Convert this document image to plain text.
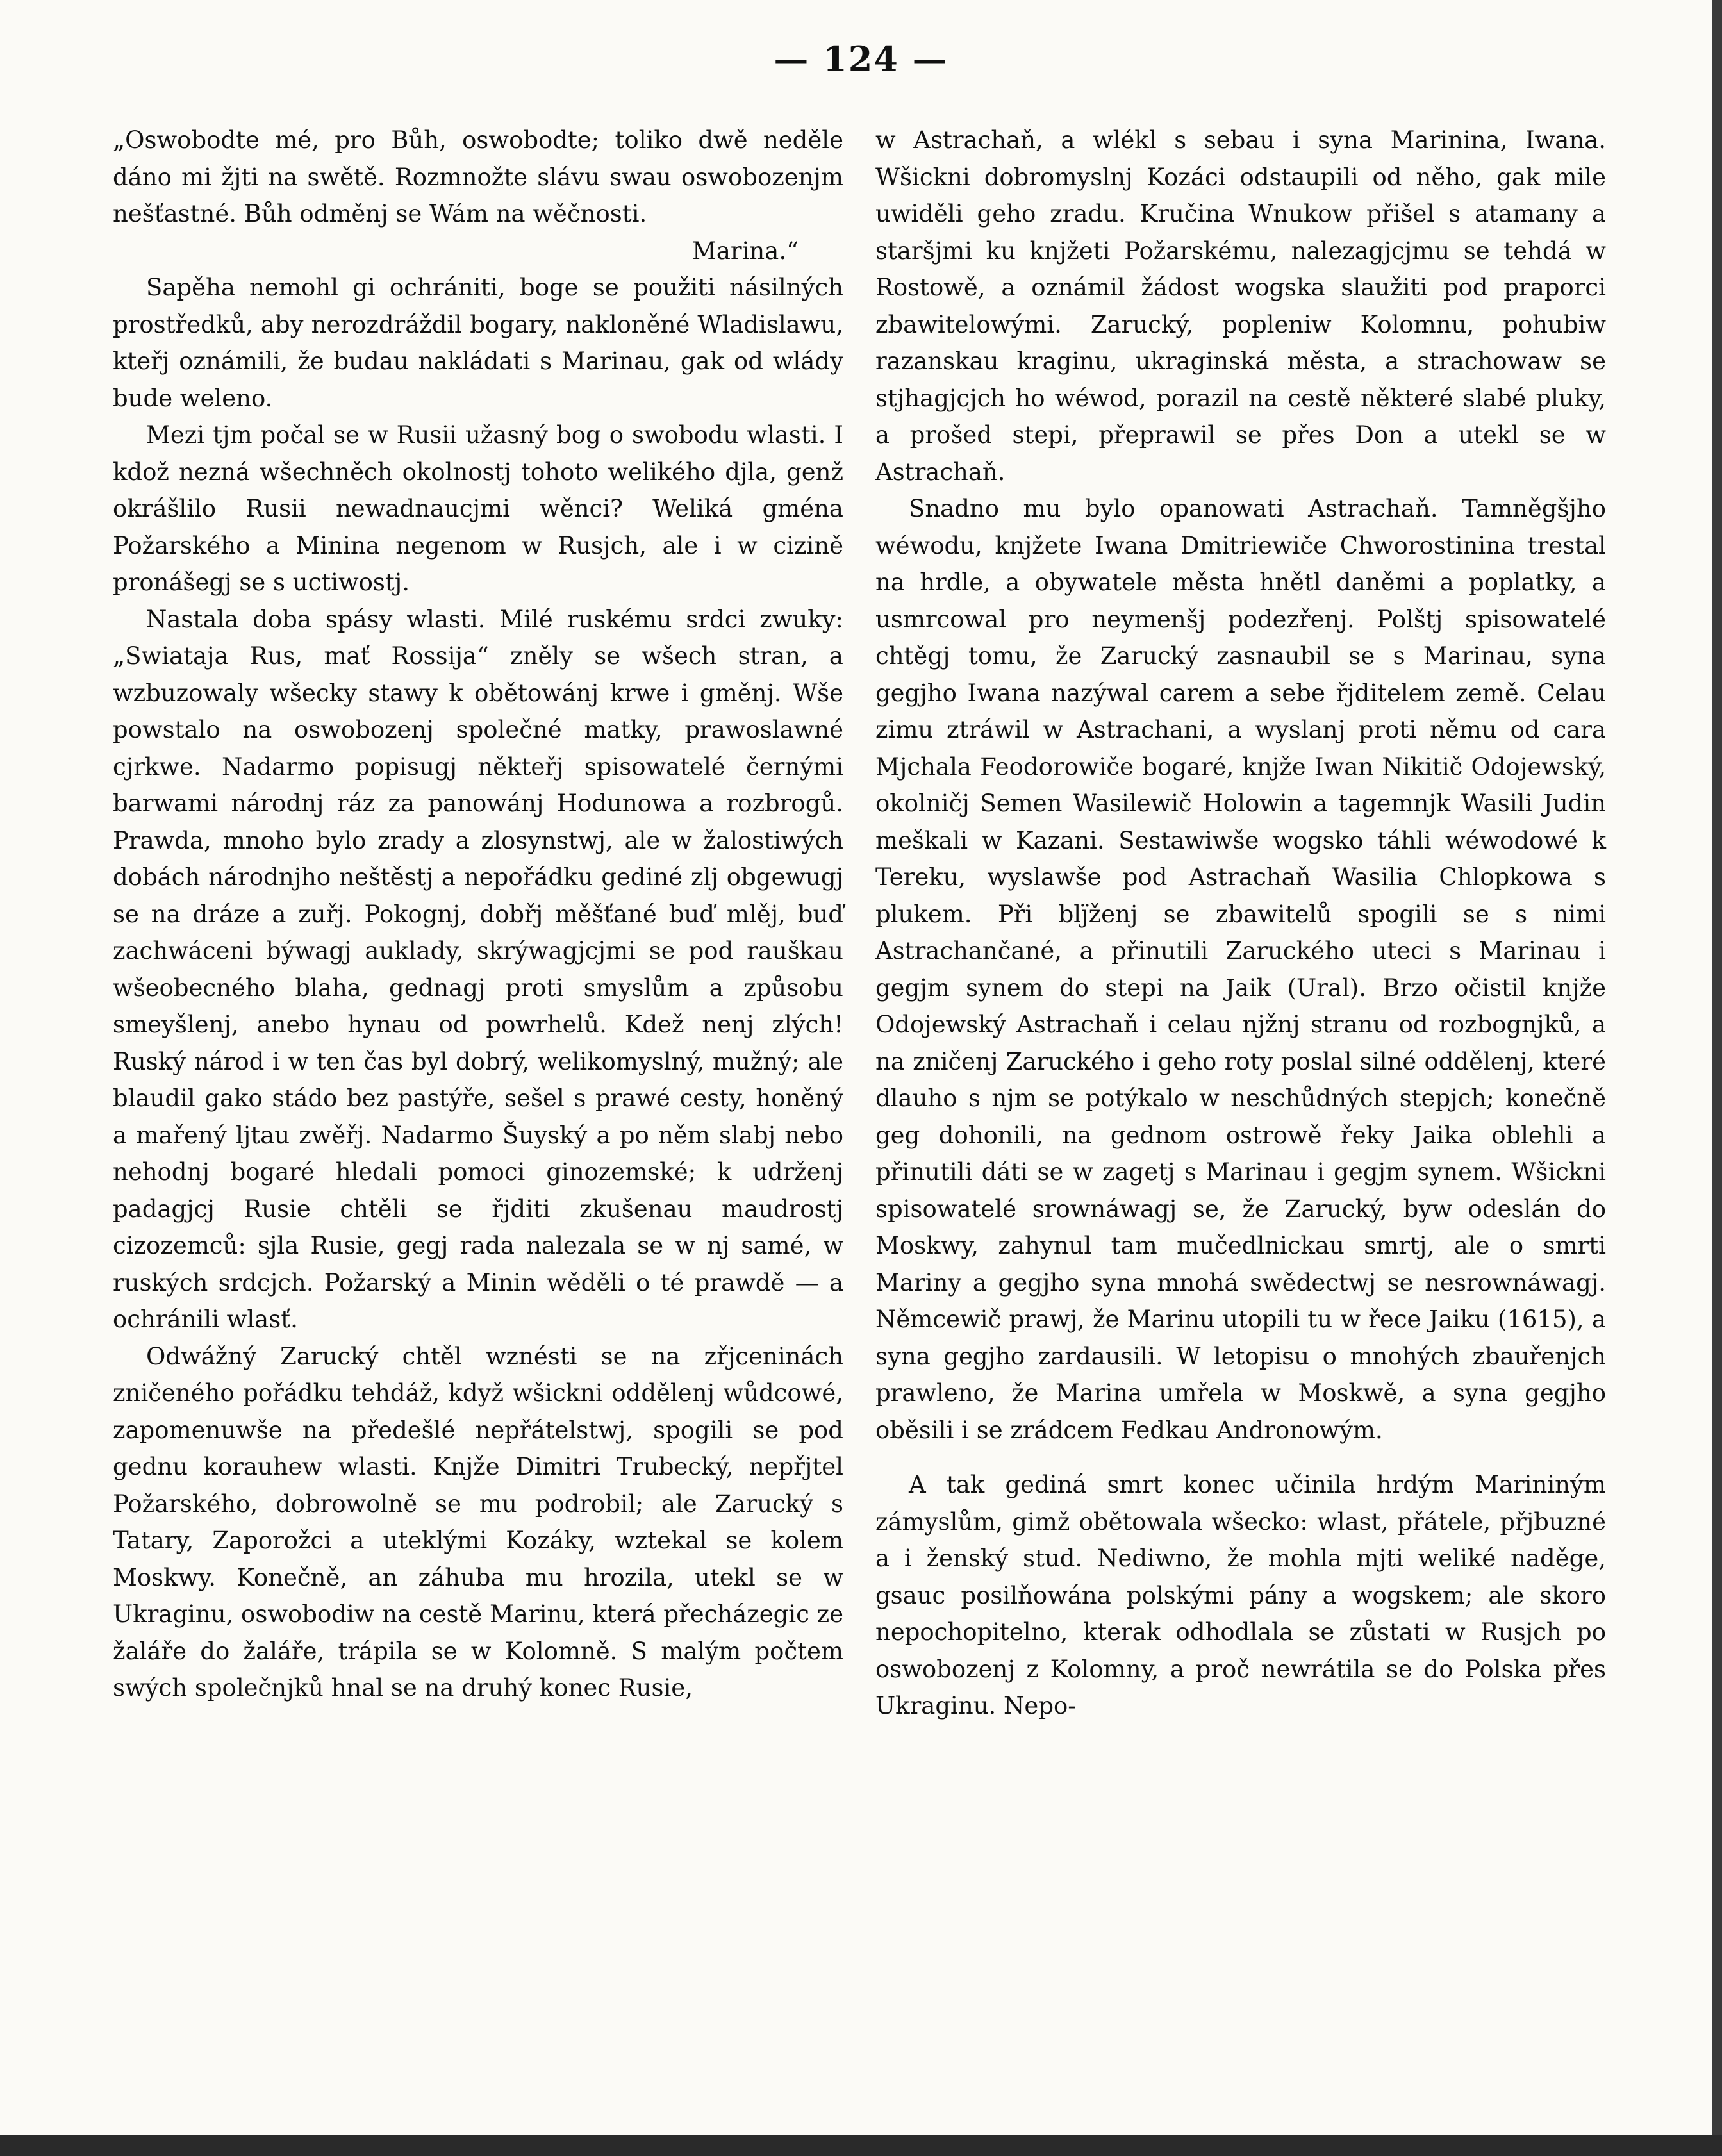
— 124 —

„Oswobodte mé, pro Bůh, oswobodte; toliko dwě neděle dáno mi žjti na swětě. Rozmnožte slávu swau oswobozenjm nešťastné. Bůh odměnj se Wám na wěčnosti.

Marina.“

Sapěha nemohl gi ochrániti, boge se použiti násilných prostředků, aby nerozdráždil bogary, nakloněné Wladislawu, kteřj oznámili, že budau nakládati s Marinau, gak od wlády bude weleno.

Mezi tjm počal se w Rusii užasný bog o swobodu wlasti. I kdož nezná wšechněch okolnostj tohoto welikého djla, genž okrášlilo Rusii newadnaucjmi wěnci? Weliká gména Požarského a Minina negenom w Rusjch, ale i w cizině pronášegj se s uctiwostj.

Nastala doba spásy wlasti. Milé ruskému srdci zwuky: „Swiataja Rus, mať Rossija“ zněly se wšech stran, a wzbuzowaly wšecky stawy k obětowánj krwe i gměnj. Wše powstalo na oswobozenj společné matky, prawoslawné cjrkwe. Nadarmo popisugj někteřj spisowatelé černými barwami národnj ráz za panowánj Hodunowa a rozbrogů. Prawda, mnoho bylo zrady a zlosynstwj, ale w žalostiwých dobách národnjho neštěstj a nepořádku gediné zlj obgewugj se na dráze a zuřj. Pokognj, dobřj měšťané buď mlěj, buď zachwáceni býwagj auklady, skrýwagjcjmi se pod rauškau wšeobecného blaha, gednagj proti smyslům a způsobu smeyšlenj, anebo hynau od powrhelů. Kdež nenj zlých! Ruský národ i w ten čas byl dobrý, welikomyslný, mužný; ale blaudil gako stádo bez pastýře, sešel s prawé cesty, honěný a mařený ljtau zwěřj. Nadarmo Šuyský a po něm slabj nebo nehodnj bogaré hledali pomoci ginozemské; k udrženj padagjcj Rusie chtěli se řjditi zkušenau maudrostj cizozemců: sjla Rusie, gegj rada nalezala se w nj samé, w ruských srdcjch. Požarský a Minin wěděli o té prawdě — a ochránili wlasť.

Odwážný Zarucký chtěl wznésti se na zřjceninách zničeného pořádku tehdáž, když wšickni oddělenj wůdcowé, zapomenuwše na předešlé nepřátelstwj, spogili se pod gednu korauhew wlasti. Knjže Dimitri Trubecký, nepřjtel Požarského, dobrowolně se mu podrobil; ale Zarucký s Tatary, Zaporožci a uteklými Kozáky, wztekal se kolem Moskwy. Konečně, an záhuba mu hrozila, utekl se w Ukraginu, oswobodiw na cestě Marinu, která přecházegic ze žaláře do žaláře, trápila se w Kolomně. S malým počtem swých společnjků hnal se na druhý konec Rusie,

w Astrachaň, a wlékl s sebau i syna Marinina, Iwana. Wšickni dobromyslnj Kozáci odstaupili od něho, gak mile uwiděli geho zradu. Kručina Wnukow přišel s atamany a staršjmi ku knjžeti Požarskému, nalezagjcjmu se tehdá w Rostowě, a oznámil žádost wogska slaužiti pod praporci zbawitelowými. Zarucký, popleniw Kolomnu, pohubiw razanskau kraginu, ukraginská města, a strachowaw se stjhagjcjch ho wéwod, porazil na cestě některé slabé pluky, a prošed stepi, přeprawil se přes Don a utekl se w Astrachaň.

Snadno mu bylo opanowati Astrachaň. Tamněgšjho wéwodu, knjžete Iwana Dmitriewiče Chworostinina trestal na hrdle, a obywatele města hnětl daněmi a poplatky, a usmrcowal pro neymenšj podezřenj. Polštj spisowatelé chtěgj tomu, že Zarucký zasnaubil se s Marinau, syna gegjho Iwana nazýwal carem a sebe řjditelem země. Celau zimu ztráwil w Astrachani, a wyslanj proti němu od cara Mjchala Feodorowiče bogaré, knjže Iwan Nikitič Odojewský, okolničj Semen Wasilewič Holowin a tagemnjk Wasili Judin meškali w Kazani. Sestawiwše wogsko táhli wéwodowé k Tereku, wyslawše pod Astrachaň Wasilia Chlopkowa s plukem. Při blj̈ženj se zbawitelů spogili se s nimi Astrachančané, a přinutili Zaruckého uteci s Marinau i gegjm synem do stepi na Jaik (Ural). Brzo očistil knjže Odojewský Astrachaň i celau njžnj stranu od rozbognjků, a na zničenj Zaruckého i geho roty poslal silné oddělenj, které dlauho s njm se potýkalo w neschůdných stepjch; konečně geg dohonili, na gednom ostrowě řeky Jaika oblehli a přinutili dáti se w zagetj s Marinau i gegjm synem. Wšickni spisowatelé srownáwagj se, že Zarucký, byw odeslán do Moskwy, zahynul tam mučedlnickau smrtj, ale o smrti Mariny a gegjho syna mnohá swědectwj se nesrownáwagj. Němcewič prawj, že Marinu utopili tu w řece Jaiku (1615), a syna gegjho zardausili. W letopisu o mnohých zbauřenjch prawleno, že Marina umřela w Moskwě, a syna gegjho oběsili i se zrádcem Fedkau Andronowým.

A tak gediná smrt konec učinila hrdým Marininým zámyslům, gimž obětowala wšecko: wlast, přátele, přjbuzné a i ženský stud. Nediwno, že mohla mjti weliké naděge, gsauc posilňowána polskými pány a wogskem; ale skoro nepochopitelno, kterak odhodlala se zůstati w Rusjch po oswobozenj z Kolomny, a proč newrátila se do Polska přes Ukraginu. Nepo-
